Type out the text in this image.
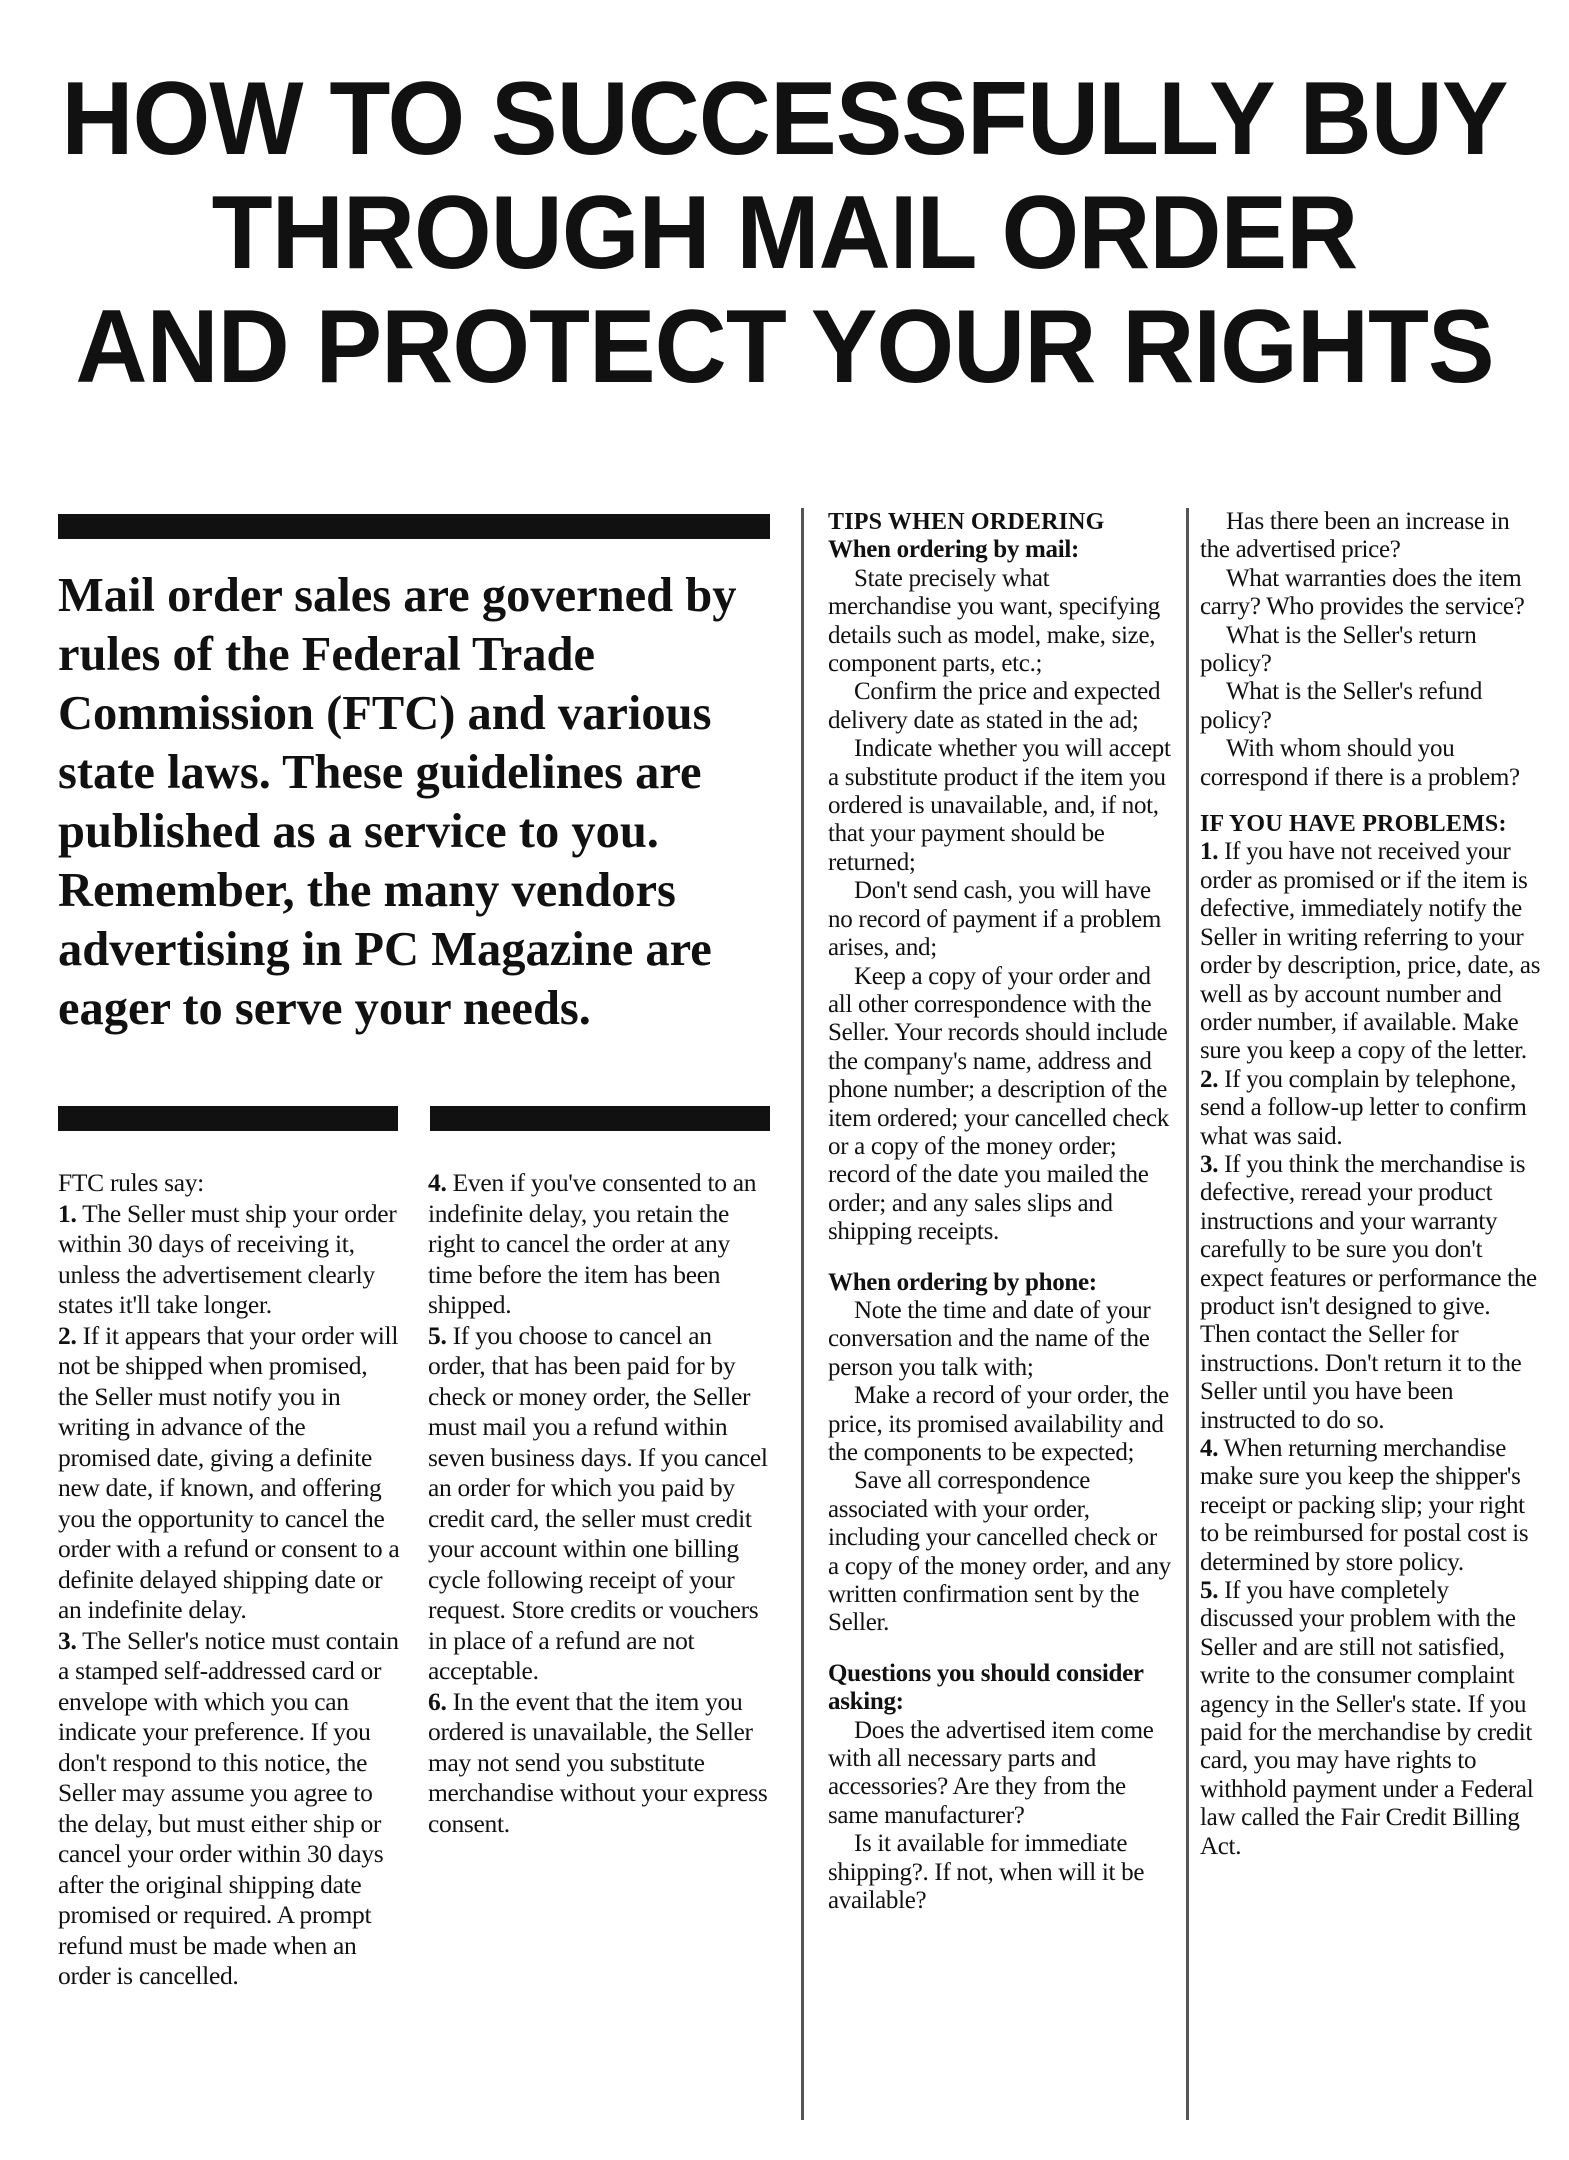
HOW TO SUCCESSFULLY BUY
THROUGH MAIL ORDER
AND PROTECT YOUR RIGHTS

Mail order sales are governed by rules of the Federal Trade Commission (FTC) and various state laws. These guidelines are published as a service to you. Remember, the many vendors advertising in PC Magazine are eager to serve your needs.

FTC rules say:

1. The Seller must ship your order within 30 days of receiving it, unless the advertisement clearly states it'll take longer.

2. If it appears that your order will not be shipped when promised, the Seller must notify you in writing in advance of the promised date, giving a definite new date, if known, and offering you the opportunity to cancel the order with a refund or consent to a definite delayed shipping date or an indefinite delay.

3. The Seller's notice must contain a stamped self-addressed card or envelope with which you can indicate your preference. If you don't respond to this notice, the Seller may assume you agree to the delay, but must either ship or cancel your order within 30 days after the original shipping date promised or required. A prompt refund must be made when an order is cancelled.

4. Even if you've consented to an indefinite delay, you retain the right to cancel the order at any time before the item has been shipped.

5. If you choose to cancel an order, that has been paid for by check or money order, the Seller must mail you a refund within seven business days. If you cancel an order for which you paid by credit card, the seller must credit your account within one billing cycle following receipt of your request. Store credits or vouchers in place of a refund are not acceptable.

6. In the event that the item you ordered is unavailable, the Seller may not send you substitute merchandise without your express consent.

TIPS WHEN ORDERING

When ordering by mail:

State precisely what merchandise you want, specifying details such as model, make, size, component parts, etc.;

Confirm the price and expected delivery date as stated in the ad;

Indicate whether you will accept a substitute product if the item you ordered is unavailable, and, if not, that your payment should be returned;

Don't send cash, you will have no record of payment if a problem arises, and;

Keep a copy of your order and all other correspondence with the Seller. Your records should include the company's name, address and phone number; a description of the item ordered; your cancelled check or a copy of the money order; record of the date you mailed the order; and any sales slips and shipping receipts.

When ordering by phone:

Note the time and date of your conversation and the name of the person you talk with;

Make a record of your order, the price, its promised availability and the components to be expected;

Save all correspondence associated with your order, including your cancelled check or a copy of the money order, and any written confirmation sent by the Seller.

Questions you should consider asking:

Does the advertised item come with all necessary parts and accessories? Are they from the same manufacturer?

Is it available for immediate shipping?. If not, when will it be available?

Has there been an increase in the advertised price?

What warranties does the item carry? Who provides the service?

What is the Seller's return policy?

What is the Seller's refund policy?

With whom should you correspond if there is a problem?

IF YOU HAVE PROBLEMS:

1. If you have not received your order as promised or if the item is defective, immediately notify the Seller in writing referring to your order by description, price, date, as well as by account number and order number, if available. Make sure you keep a copy of the letter.

2. If you complain by telephone, send a follow-up letter to confirm what was said.

3. If you think the merchandise is defective, reread your product instructions and your warranty carefully to be sure you don't expect features or performance the product isn't designed to give. Then contact the Seller for instructions. Don't return it to the Seller until you have been instructed to do so.

4. When returning merchandise make sure you keep the shipper's receipt or packing slip; your right to be reimbursed for postal cost is determined by store policy.

5. If you have completely discussed your problem with the Seller and are still not satisfied, write to the consumer complaint agency in the Seller's state. If you paid for the merchandise by credit card, you may have rights to withhold payment under a Federal law called the Fair Credit Billing Act.
